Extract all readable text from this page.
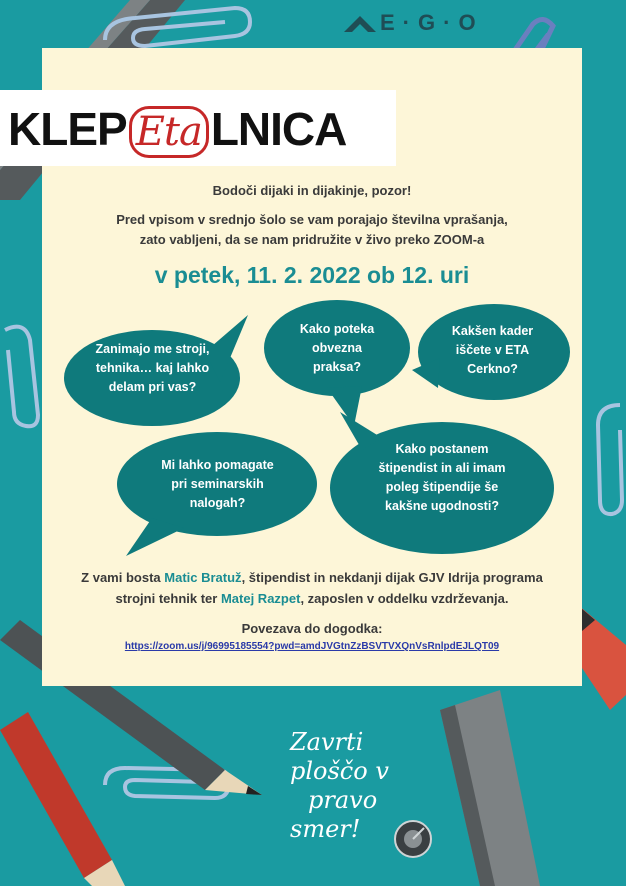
E·G·O
KLEP Eta LNICA
Bodoči dijaki in dijakinje, pozor!
Pred vpisom v srednjo šolo se vam porajajo številna vprašanja,
zato vabljeni, da se nam pridružite v živo preko ZOOM-a
v petek, 11. 2. 2022 ob 12. uri
Zanimajo me stroji,
tehnika… kaj lahko
delam pri vas?
Kako poteka
obvezna
praksa?
Kakšen kader
iščete v ETA
Cerkno?
Mi lahko pomagate
pri seminarskih
nalogah?
Kako postanem
štipendist in ali imam
poleg štipendije še
kakšne ugodnosti?
Z vami bosta Matic Bratuž, štipendist in nekdanji dijak GJV Idrija programa
strojni tehnik ter Matej Razpet, zaposlen v oddelku vzdrževanja.
Povezava do dogodka:
https://zoom.us/j/96995185554?pwd=amdJVGtnZzBSVTVXQnVsRnlpdEJLQT09
Zavrti
ploščo v
pravo
smer!
